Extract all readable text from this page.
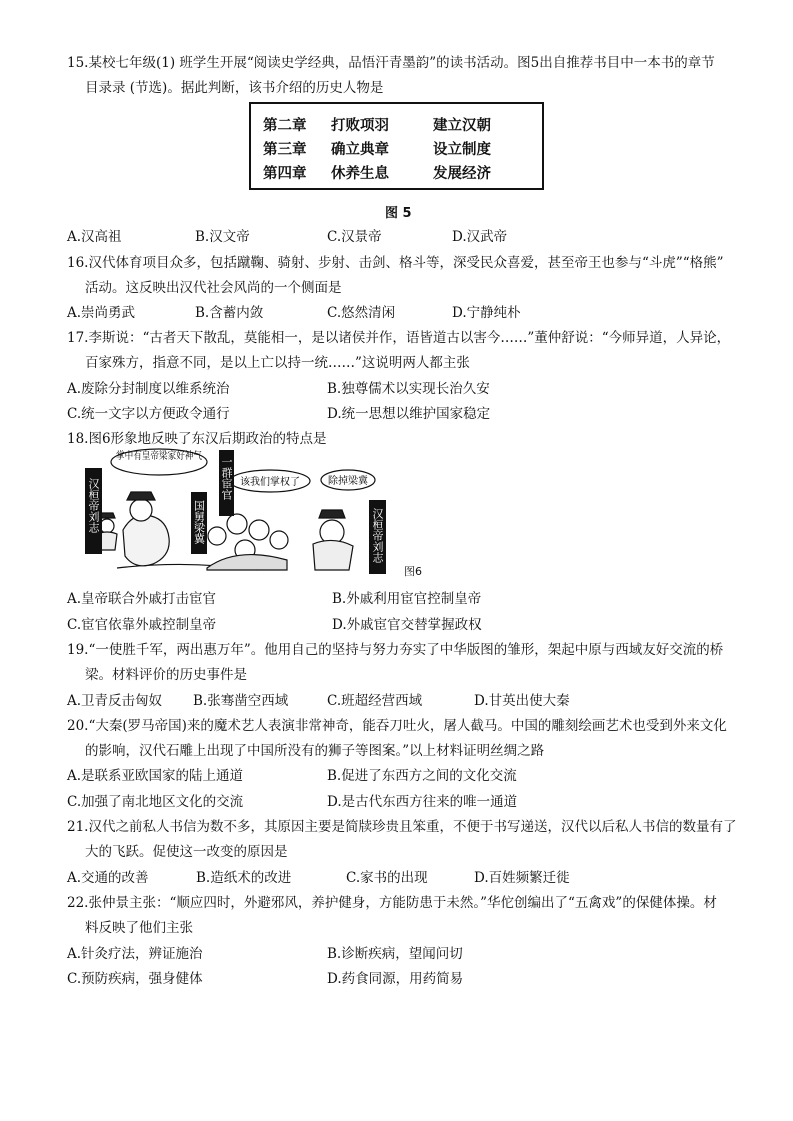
15.某校七年级(1) 班学生开展“阅读史学经典，品悟汗青墨韵”的读书活动。图5出自推荐书目中一本书的章节
目录录 (节选)。据此判断，该书介绍的历史人物是
第二章 打败项羽	建立汉朝
第三章 确立典章	设立制度
第四章 休养生息	发展经济
图 5
A.汉高祖	B.汉文帝	C.汉景帝	D.汉武帝
16.汉代体育项目众多，包括蹴鞠、骑射、步射、击剑、格斗等，深受民众喜爱，甚至帝王也参与“斗虎”“格熊”
活动。这反映出汉代社会风尚的一个侧面是
A.崇尚勇武	B.含蓄内敛	C.悠然清闲	D.宁静纯朴
17.李斯说：“古者天下散乱，莫能相一，是以诸侯并作，语皆道古以害今……”董仲舒说：“今师异道，人异论，
百家殊方，指意不同，是以上亡以持一统……”这说明两人都主张
A.废除分封制度以维系统治	B.独尊儒术以实现长治久安
C.统一文字以方便政令通行	D.统一思想以维护国家稳定
18.图6形象地反映了东汉后期政治的特点是
掌中有皇帝梁家好神气
该我们掌权了	除掉梁冀
汉桓帝刘志	国舅梁冀
一群宦官
汉桓帝刘志
图6
A.皇帝联合外戚打击宦官	B.外戚利用宦官控制皇帝
C.宦官依靠外戚控制皇帝	D.外戚宦官交替掌握政权
19.“一使胜千军，两出惠万年”。他用自己的坚持与努力夯实了中华版图的雏形，架起中原与西域友好交流的桥
梁。材料评价的历史事件是
A.卫青反击匈奴 B.张骞凿空西域	C.班超经营西域	D.甘英出使大秦
20.“大秦(罗马帝国)来的魔术艺人表演非常神奇，能吞刀吐火，屠人截马。中国的雕刻绘画艺术也受到外来文化
的影响，汉代石雕上出现了中国所没有的狮子等图案。”以上材料证明丝绸之路
A.是联系亚欧国家的陆上通道	B.促进了东西方之间的文化交流
C.加强了南北地区文化的交流	D.是古代东西方往来的唯一通道
21.汉代之前私人书信为数不多，其原因主要是简牍珍贵且笨重，不便于书写递送，汉代以后私人书信的数量有了
大的飞跃。促使这一改变的原因是
A.交通的改善	B.造纸术的改进	C.家书的出现	D.百姓频繁迁徙
22.张仲景主张：“顺应四时，外避邪风，养护健身，方能防患于未然。”华佗创编出了“五禽戏”的保健体操。材
料反映了他们主张
A.针灸疗法，辨证施治	B.诊断疾病，望闻问切
C.预防疾病，强身健体	D.药食同源，用药简易
